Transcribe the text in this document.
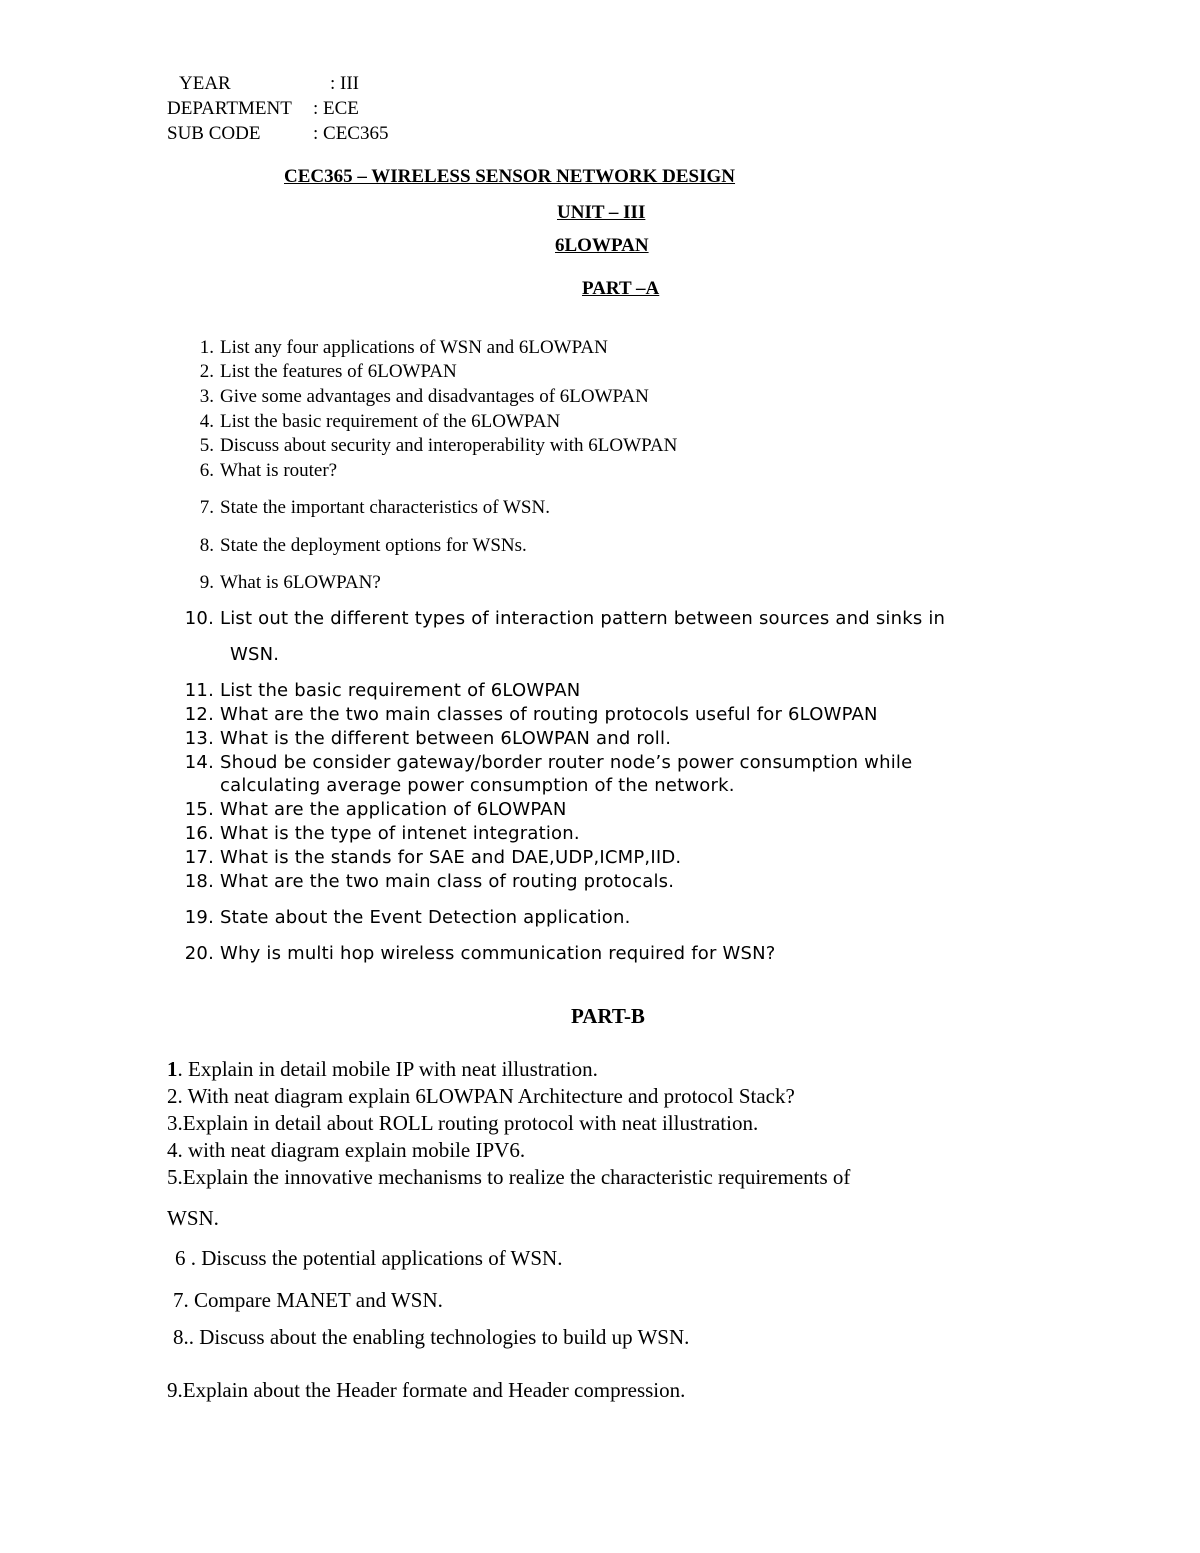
YEAR	: III
DEPARTMENT : ECE
SUB CODE	: CEC365
CEC365 – WIRELESS SENSOR NETWORK DESIGN
UNIT – III
6LOWPAN
PART –A
1. List any four applications of WSN and 6LOWPAN
2. List the features of 6LOWPAN
3. Give some advantages and disadvantages of 6LOWPAN
4. List the basic requirement of the 6LOWPAN
5. Discuss about security and interoperability with 6LOWPAN
6. What is router?
7. State the important characteristics of WSN.
8. State the deployment options for WSNs.
9. What is 6LOWPAN?
10. List out the different types of interaction pattern between sources and sinks in
WSN.
11. List the basic requirement of 6LOWPAN
12. What are the two main classes of routing protocols useful for 6LOWPAN
13. What is the different between 6LOWPAN and roll.
14. Shoud be consider gateway/border router node’s power consumption while
calculating average power consumption of the network.
15. What are the application of 6LOWPAN
16. What is the type of intenet integration.
17. What is the stands for SAE and DAE,UDP,ICMP,IID.
18. What are the two main class of routing protocals.
19. State about the Event Detection application.
20. Why is multi hop wireless communication required for WSN?
PART-B
1. Explain in detail mobile IP with neat illustration.
2. With neat diagram explain 6LOWPAN Architecture and protocol Stack?
3.Explain in detail about ROLL routing protocol with neat illustration.
4. with neat diagram explain mobile IPV6.
5.Explain the innovative mechanisms to realize the characteristic requirements of
WSN.
6 . Discuss the potential applications of WSN.
7. Compare MANET and WSN.
8.. Discuss about the enabling technologies to build up WSN.
9.Explain about the Header formate and Header compression.
